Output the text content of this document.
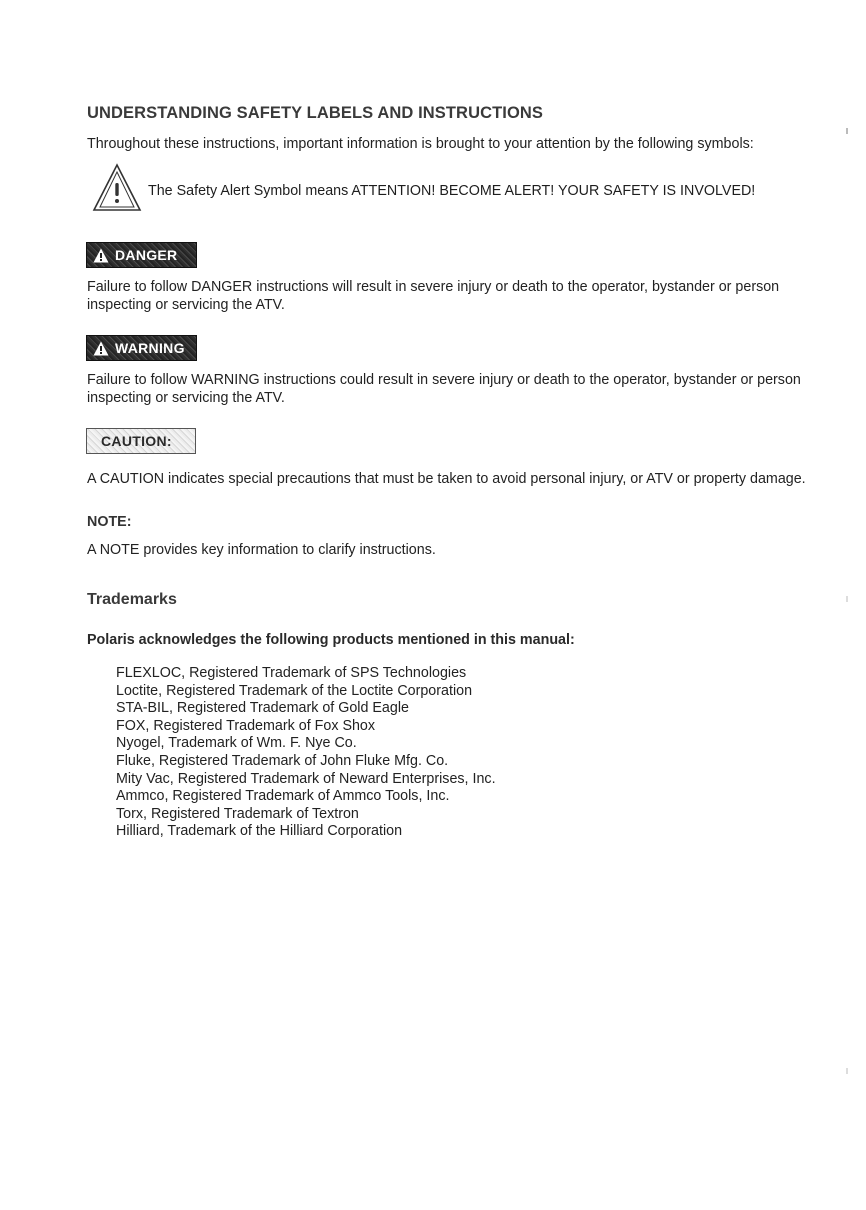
UNDERSTANDING SAFETY LABELS AND INSTRUCTIONS
Throughout these instructions, important information is brought to your attention by the following symbols:
The Safety Alert Symbol means ATTENTION! BECOME ALERT! YOUR SAFETY IS INVOLVED!
DANGER
Failure to follow DANGER instructions will result in severe injury or death to the operator, bystander or person inspecting or servicing the ATV.
WARNING
Failure to follow WARNING instructions could result in severe injury or death to the operator, bystander or person inspecting or servicing the ATV.
CAUTION:
A CAUTION indicates special precautions that must be taken to avoid personal injury, or ATV or property damage.
NOTE:
A NOTE provides key information to clarify instructions.
Trademarks
Polaris acknowledges the following products mentioned in this manual:
FLEXLOC, Registered Trademark of SPS Technologies
Loctite, Registered Trademark of the Loctite Corporation
STA-BIL, Registered Trademark of Gold Eagle
FOX, Registered Trademark of Fox Shox
Nyogel, Trademark of Wm. F. Nye Co.
Fluke, Registered Trademark of John Fluke Mfg. Co.
Mity Vac, Registered Trademark of Neward Enterprises, Inc.
Ammco, Registered Trademark of Ammco Tools, Inc.
Torx, Registered Trademark of Textron
Hilliard, Trademark of the Hilliard Corporation
